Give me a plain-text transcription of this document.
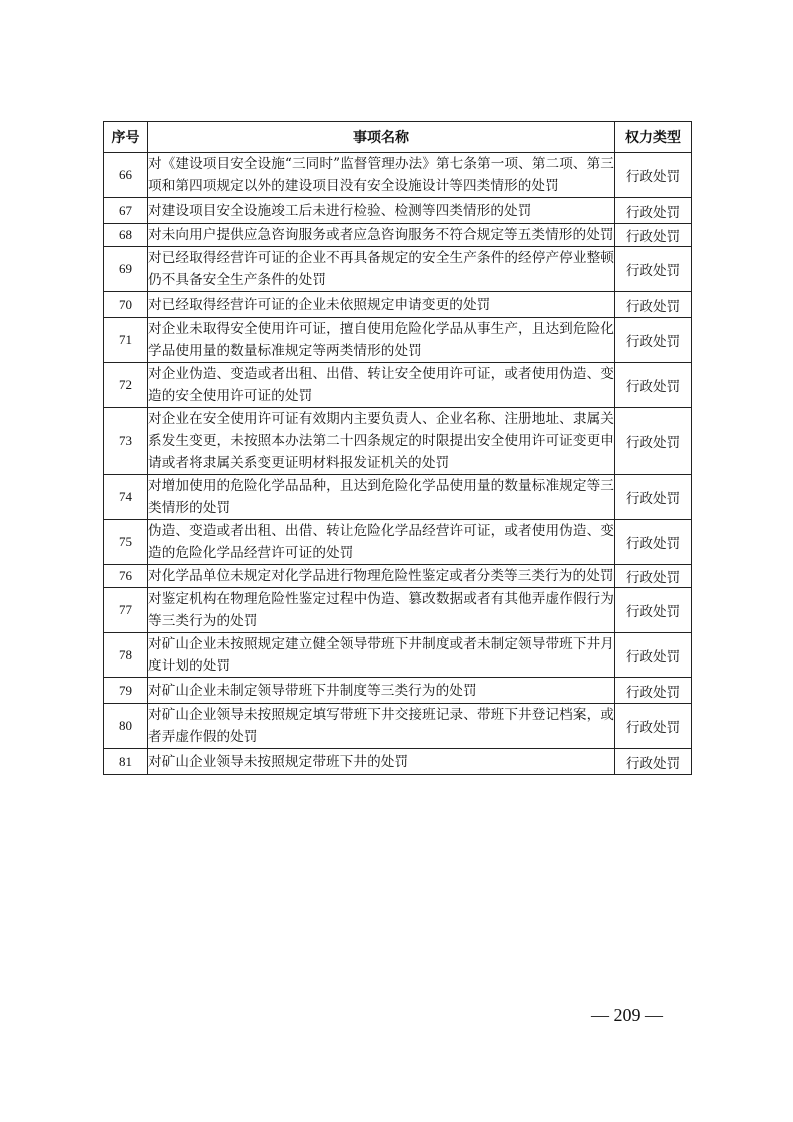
序号	事项名称	权力类型
66	对《建设项目安全设施“三同时”监督管理办法》第七条第一项、第二项、第三项和第四项规定以外的建设项目没有安全设施设计等四类情形的处罚	行政处罚
67	对建设项目安全设施竣工后未进行检验、检测等四类情形的处罚	行政处罚
68	对未向用户提供应急咨询服务或者应急咨询服务不符合规定等五类情形的处罚	行政处罚
69	对已经取得经营许可证的企业不再具备规定的安全生产条件的经停产停业整顿仍不具备安全生产条件的处罚	行政处罚
70	对已经取得经营许可证的企业未依照规定申请变更的处罚	行政处罚
71	对企业未取得安全使用许可证，擅自使用危险化学品从事生产，且达到危险化学品使用量的数量标准规定等两类情形的处罚	行政处罚
72	对企业伪造、变造或者出租、出借、转让安全使用许可证，或者使用伪造、变造的安全使用许可证的处罚	行政处罚
73	对企业在安全使用许可证有效期内主要负责人、企业名称、注册地址、隶属关系发生变更，未按照本办法第二十四条规定的时限提出安全使用许可证变更申请或者将隶属关系变更证明材料报发证机关的处罚	行政处罚
74	对增加使用的危险化学品品种，且达到危险化学品使用量的数量标准规定等三类情形的处罚	行政处罚
75	伪造、变造或者出租、出借、转让危险化学品经营许可证，或者使用伪造、变造的危险化学品经营许可证的处罚	行政处罚
76	对化学品单位未规定对化学品进行物理危险性鉴定或者分类等三类行为的处罚	行政处罚
77	对鉴定机构在物理危险性鉴定过程中伪造、篡改数据或者有其他弄虚作假行为等三类行为的处罚	行政处罚
78	对矿山企业未按照规定建立健全领导带班下井制度或者未制定领导带班下井月度计划的处罚	行政处罚
79	对矿山企业未制定领导带班下井制度等三类行为的处罚	行政处罚
80	对矿山企业领导未按照规定填写带班下井交接班记录、带班下井登记档案，或者弄虚作假的处罚	行政处罚
81	对矿山企业领导未按照规定带班下井的处罚	行政处罚
— 209 —
